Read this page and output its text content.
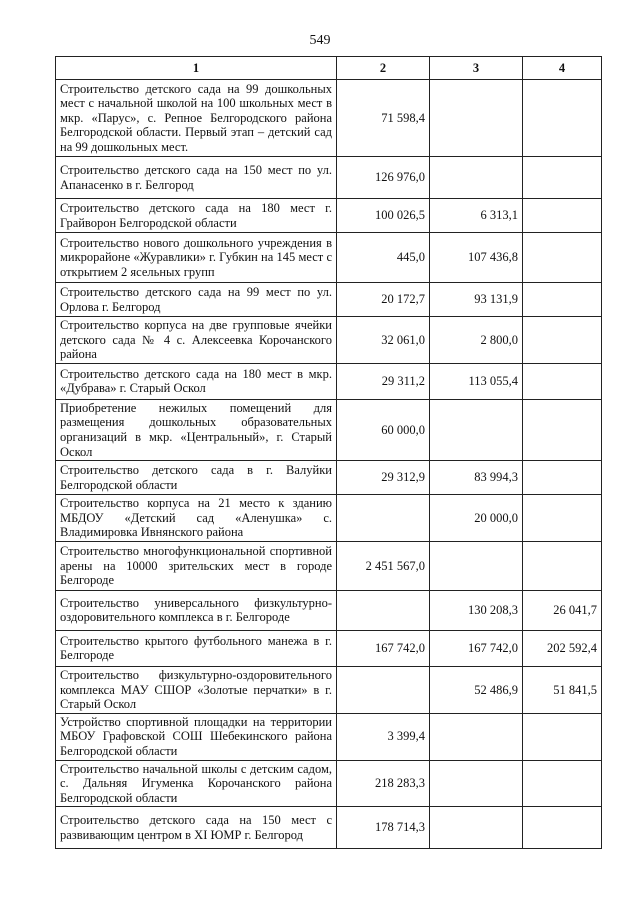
549
1	2	3	4
Строительство детского сада на 99 дошкольных мест с начальной школой на 100 школьных мест в мкр. «Парус», с. Репное Белгородского района Белгородской области. Первый этап – детский сад на 99 дошкольных мест.	71 598,4		
Строительство детского сада на 150 мест по ул. Апанасенко в г. Белгород	126 976,0		
Строительство детского сада на 180 мест г. Грайворон Белгородской области	100 026,5	6 313,1	
Строительство нового дошкольного учреждения в микрорайоне «Журавлики» г. Губкин на 145 мест с открытием 2 ясельных групп	445,0	107 436,8	
Строительство детского сада на 99 мест по ул. Орлова г. Белгород	20 172,7	93 131,9	
Строительство корпуса на две групповые ячейки детского сада № 4 с. Алексеевка Корочанского района	32 061,0	2 800,0	
Строительство детского сада на 180 мест в мкр. «Дубрава» г. Старый Оскол	29 311,2	113 055,4	
Приобретение нежилых помещений для размещения дошкольных образовательных организаций в мкр. «Центральный», г. Старый Оскол	60 000,0		
Строительство детского сада в г. Валуйки Белгородской области	29 312,9	83 994,3	
Строительство корпуса на 21 место к зданию МБДОУ «Детский сад «Аленушка» с. Владимировка Ивнянского района		20 000,0	
Строительство многофункциональной спортивной арены на 10000 зрительских мест в городе Белгороде	2 451 567,0		
Строительство универсального физкультурно-оздоровительного комплекса в г. Белгороде		130 208,3	26 041,7
Строительство крытого футбольного манежа в г. Белгороде	167 742,0	167 742,0	202 592,4
Строительство физкультурно-оздоровительного комплекса МАУ СШОР «Золотые перчатки» в г. Старый Оскол		52 486,9	51 841,5
Устройство спортивной площадки на территории МБОУ Графовской СОШ Шебекинского района Белгородской области	3 399,4		
Строительство начальной школы с детским садом, с. Дальняя Игуменка Корочанского района Белгородской области	218 283,3		
Строительство детского сада на 150 мест с развивающим центром в XI ЮМР г. Белгород	178 714,3		
